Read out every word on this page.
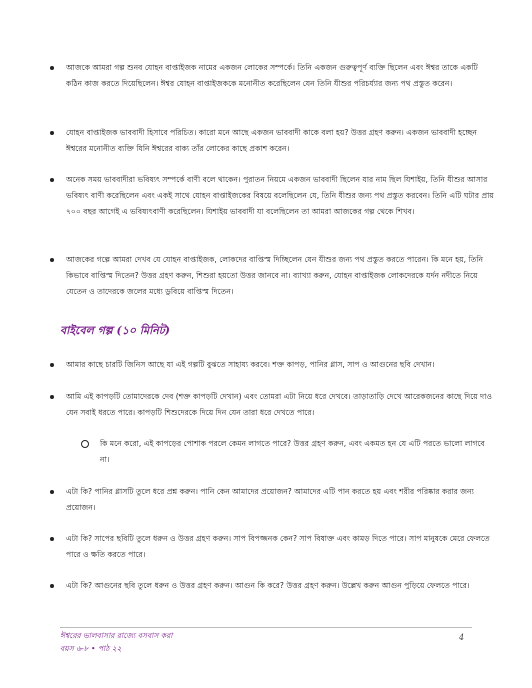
আজকে আমরা গল্প শুনব যোহন বাপ্তাইজক নামের একজন লোকের সম্পর্কে। তিনি একজন গুরুত্বপূর্ণ ব্যক্তি ছিলেন এবং ঈশ্বর তাকে একটি কঠিন কাজ করতে দিয়েছিলেন। ঈশ্বর যোহন বাপ্তাইজককে মনোনীত করেছিলেন যেন তিনি যীশুর পরিচর্য্যার জন্য পথ প্রস্তুত করেন।
যোহন বাপ্তাইজক ভাববাদী হিসাবে পরিচিত। কারো মনে আছে একজন ভাববাদী কাকে বলা হয়? উত্তর গ্রহণ করুন। একজন ভাববাদী হচ্ছেন ঈশ্বরের মনোনীত ব্যক্তি যিনি ঈশ্বরের বাক্য তাঁর লোকের কাছে প্রকাশ করেন।
অনেক সময় ভাববাদীরা ভবিষ্যৎ সম্পর্কে বাণী বলে থাকেন। পুরাতন নিয়মে একজন ভাববাদী ছিলেন যার নাম ছিল যিশাইয়, তিনি যীশুর আসার ভবিষ্যৎ বাণী করেছিলেন এবং একই সাথে যোহন বাপ্তাইজকের বিষয়ে বলেছিলেন যে, তিনি যীশুর জন্য পথ প্রস্তুত করবেন। তিনি এটি ঘটার প্রায় ৭০০ বছর আগেই এ ভবিষ্যৎবাণী করেছিলেন। যিশাইয় ভাববাদী যা বলেছিলেন তা আমরা আজকের গল্প থেকে শিখব।
আজকের গল্পে আমরা দেখব যে যোহন বাপ্তাইজক, লোকদের বাপ্তিস্ম দিচ্ছিলেন যেন যীশুর জন্য পথ প্রস্তুত করতে পারেন। কি মনে হয়, তিনি কিভাবে বাপ্তিস্ম দিতেন? উত্তর গ্রহণ করুন, শিশুরা হয়তো উত্তর জানবে না। ব্যাখ্যা করুন, যোহন বাপ্তাইজক লোকদেরকে যর্দন নদীতে নিয়ে যেতেন ও তাদেরকে জলের মধ্যে ডুবিয়ে বাপ্তিস্ম দিতেন।
বাইবেল গল্প (১০ মিনিট)
আমার কাছে চারটি জিনিস আছে যা এই গল্পটি বুঝতে সাহায্য করবে। শক্ত কাপড়, পানির গ্লাস, সাপ ও আগুনের ছবি দেখান।
আমি এই কাপড়টি তোমাদেরকে দেব (শক্ত কাপড়টি দেখান) এবং তোমরা এটা নিয়ে ধরে দেখবে। তাড়াতাড়ি দেখে আরেকজনের কাছে দিয়ে দাও যেন সবাই ধরতে পারে। কাপড়টি শিশুদেরকে দিয়ে দিন যেন তারা ধরে দেখতে পারে।
কি মনে করো, এই কাপড়ের পোশাক পরলে কেমন লাগতে পারে? উত্তর গ্রহণ করুন, এবং একমত হন যে এটি পরতে ভালো লাগবে না।
এটা কি? পানির গ্লাসটি তুলে ধরে প্রশ্ন করুন। পানি কেন আমাদের প্রয়োজন? আমাদের এটি পান করতে হয় এবং শরীর পরিষ্কার করার জন্য প্রয়োজন।
এটা কি? সাপের ছবিটি তুলে ধরুন ও উত্তর গ্রহণ করুন। সাপ বিপজ্জনক কেন? সাপ বিষাক্ত এবং কামড় দিতে পারে। সাপ মানুষকে মেরে ফেলতে পারে ও ক্ষতি করতে পারে।
এটা কি? আগুনের ছবি তুলে ধরুন ও উত্তর গ্রহণ করুন। আগুন কি করে? উত্তর গ্রহণ করুন। উল্লেখ করুন আগুন পুড়িয়ে ফেলতে পারে।
ঈশ্বরের ভালবাসার রাজ্যে বসবাস করা
বয়স ৬-৮ • পাঠ ২২
4
